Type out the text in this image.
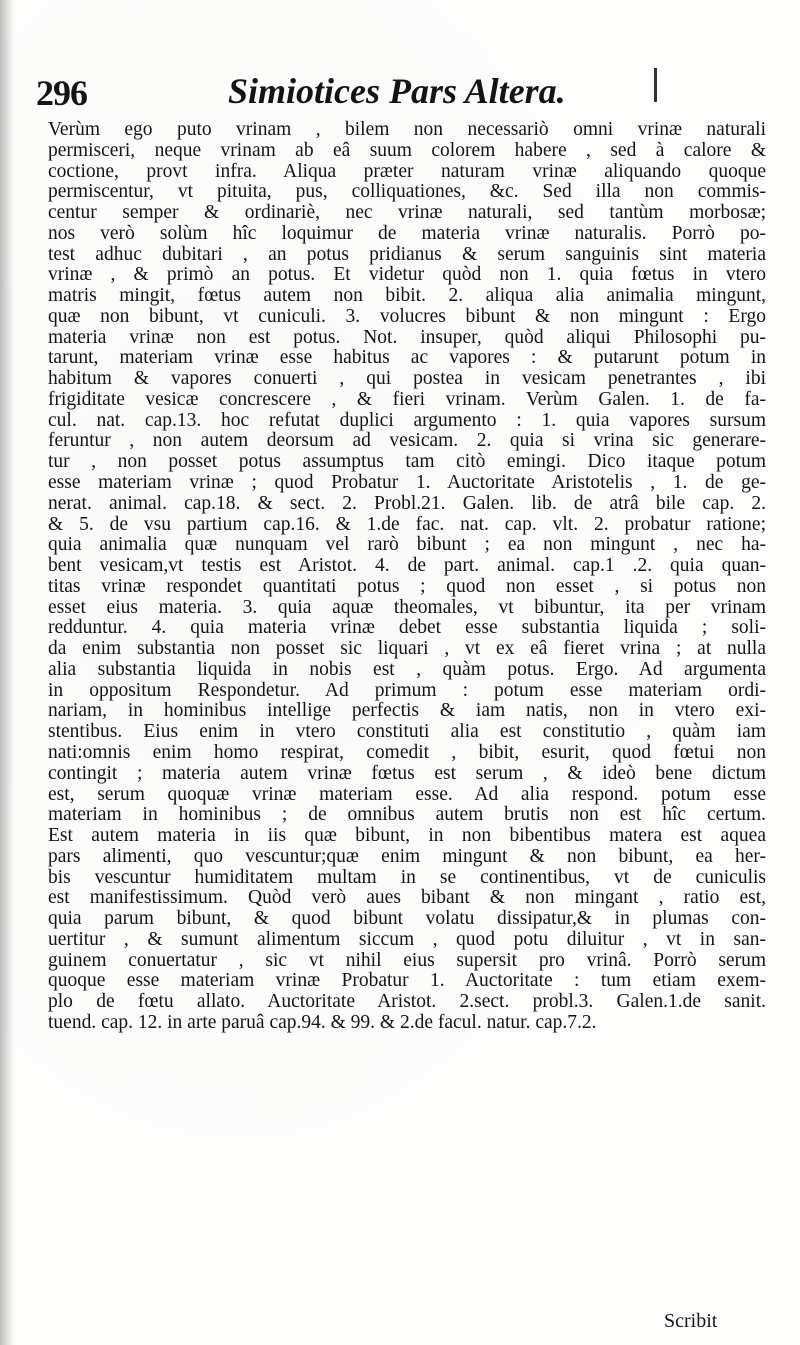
296	Simiotices Pars Altera.
Verùm ego puto vrinam , bilem non necessariò omni vrinæ naturali
permisceri, neque vrinam ab eâ suum colorem habere , sed à calore &
coctione, provt infra. Aliqua præter naturam vrinæ aliquando quoque
permiscentur, vt pituita, pus, colliquationes, &c. Sed illa non commis-
centur semper & ordinariè, nec vrinæ naturali, sed tantùm morbosæ;
nos verò solùm hîc loquimur de materia vrinæ naturalis. Porrò po-
test adhuc dubitari , an potus pridianus & serum sanguinis sint materia
vrinæ , & primò an potus. Et videtur quòd non 1. quia fœtus in vtero
matris mingit, fœtus autem non bibit. 2. aliqua alia animalia mingunt,
quæ non bibunt, vt cuniculi. 3. volucres bibunt & non mingunt : Ergo
materia vrinæ non est potus. Not. insuper, quòd aliqui Philosophi pu-
tarunt, materiam vrinæ esse habitus ac vapores : & putarunt potum in
habitum & vapores conuerti , qui postea in vesicam penetrantes , ibi
frigiditate vesicæ concrescere , & fieri vrinam. Verùm Galen. 1. de fa-
cul. nat. cap.13. hoc refutat duplici argumento : 1. quia vapores sursum
feruntur , non autem deorsum ad vesicam. 2. quia si vrina sic generare-
tur , non posset potus assumptus tam citò emingi. Dico itaque potum
esse materiam vrinæ ; quod Probatur 1. Auctoritate Aristotelis , 1. de ge-
nerat. animal. cap.18. & sect. 2. Probl.21. Galen. lib. de atrâ bile cap. 2.
& 5. de vsu partium cap.16. & 1.de fac. nat. cap. vlt. 2. probatur ratione;
quia animalia quæ nunquam vel rarò bibunt ; ea non mingunt , nec ha-
bent vesicam,vt testis est Aristot. 4. de part. animal. cap.1 .2. quia quan-
titas vrinæ respondet quantitati potus ; quod non esset , si potus non
esset eius materia. 3. quia aquæ theomales, vt bibuntur, ita per vrinam
redduntur. 4. quia materia vrinæ debet esse substantia liquida ; soli-
da enim substantia non posset sic liquari , vt ex eâ fieret vrina ; at nulla
alia substantia liquida in nobis est , quàm potus. Ergo. Ad argumenta
in oppositum Respondetur. Ad primum : potum esse materiam ordi-
nariam, in hominibus intellige perfectis & iam natis, non in vtero exi-
stentibus. Eius enim in vtero constituti alia est constitutio , quàm iam
nati:omnis enim homo respirat, comedit , bibit, esurit, quod fœtui non
contingit ; materia autem vrinæ fœtus est serum , & ideò bene dictum
est, serum quoquæ vrinæ materiam esse. Ad alia respond. potum esse
materiam in hominibus ; de omnibus autem brutis non est hîc certum.
Est autem materia in iis quæ bibunt, in non bibentibus matera est aquea
pars alimenti, quo vescuntur;quæ enim mingunt & non bibunt, ea her-
bis vescuntur humiditatem multam in se continentibus, vt de cuniculis
est manifestissimum. Quòd verò aues bibant & non mingant , ratio est,
quia parum bibunt, & quod bibunt volatu dissipatur,& in plumas con-
uertitur , & sumunt alimentum siccum , quod potu diluitur , vt in san-
guinem conuertatur , sic vt nihil eius supersit pro vrinâ. Porrò serum
quoque esse materiam vrinæ Probatur 1. Auctoritate : tum etiam exem-
plo de fœtu allato. Auctoritate Aristot. 2.sect. probl.3. Galen.1.de sanit.
tuend. cap. 12. in arte paruâ cap.94. & 99. & 2.de facul. natur. cap.7.2.
Scribit
